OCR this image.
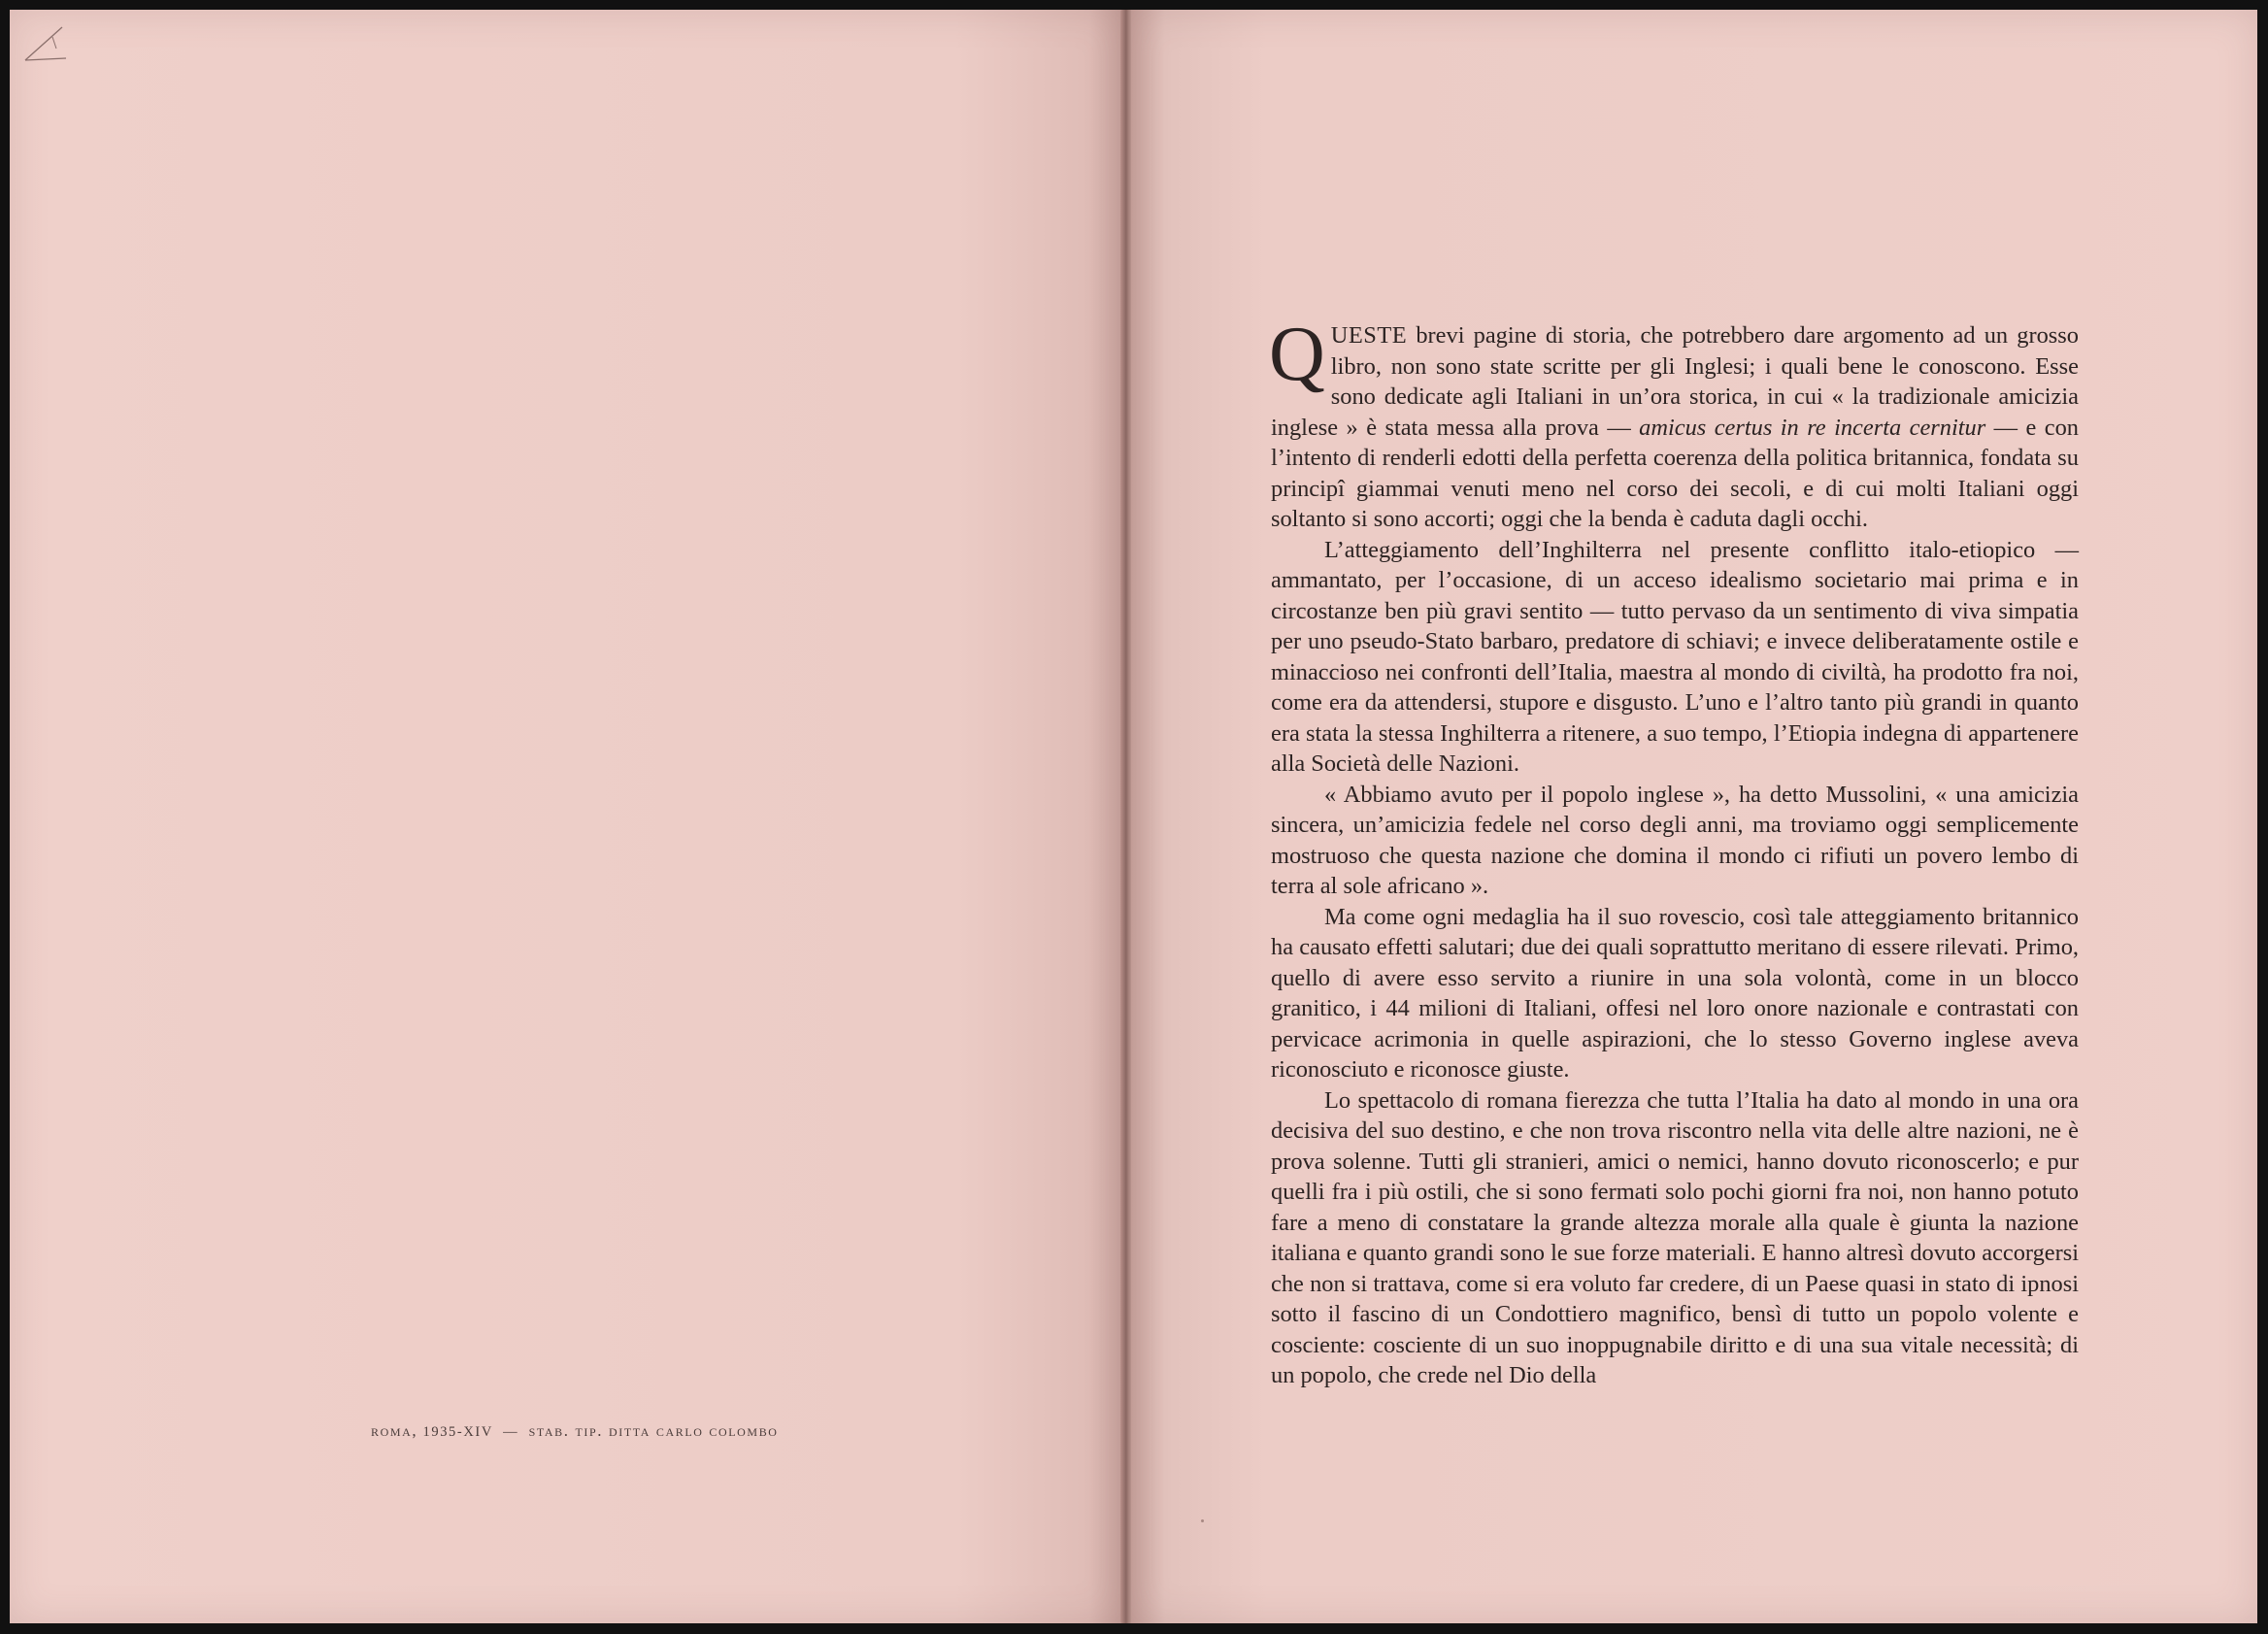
roma, 1935-XIV — stab. tip. ditta carlo colombo

QUESTE brevi pagine di storia, che potrebbero dare argomento ad un grosso libro, non sono state scritte per gli Inglesi; i quali bene le conoscono. Esse sono dedicate agli Italiani in un’ora storica, in cui « la tradizionale amicizia inglese » è stata messa alla prova — amicus certus in re incerta cernitur — e con l’intento di renderli edotti della perfetta coerenza della politica britannica, fondata su principî giammai venuti meno nel corso dei secoli, e di cui molti Italiani oggi soltanto si sono accorti; oggi che la benda è caduta dagli occhi.

L’atteggiamento dell’Inghilterra nel presente conflitto italo-etiopico — ammantato, per l’occasione, di un acceso idealismo societario mai prima e in circostanze ben più gravi sentito — tutto pervaso da un sentimento di viva simpatia per uno pseudo-Stato barbaro, predatore di schiavi; e invece deliberatamente ostile e minaccioso nei confronti dell’Italia, maestra al mondo di civiltà, ha prodotto fra noi, come era da attendersi, stupore e disgusto. L’uno e l’altro tanto più grandi in quanto era stata la stessa Inghilterra a ritenere, a suo tempo, l’Etiopia indegna di appartenere alla Società delle Nazioni.

« Abbiamo avuto per il popolo inglese », ha detto Mussolini, « una amicizia sincera, un’amicizia fedele nel corso degli anni, ma troviamo oggi semplicemente mostruoso che questa nazione che domina il mondo ci rifiuti un povero lembo di terra al sole africano ».

Ma come ogni medaglia ha il suo rovescio, così tale atteggiamento britannico ha causato effetti salutari; due dei quali soprattutto meritano di essere rilevati. Primo, quello di avere esso servito a riunire in una sola volontà, come in un blocco granitico, i 44 milioni di Italiani, offesi nel loro onore nazionale e contrastati con pervicace acrimonia in quelle aspirazioni, che lo stesso Governo inglese aveva riconosciuto e riconosce giuste.

Lo spettacolo di romana fierezza che tutta l’Italia ha dato al mondo in una ora decisiva del suo destino, e che non trova riscontro nella vita delle altre nazioni, ne è prova solenne. Tutti gli stranieri, amici o nemici, hanno dovuto riconoscerlo; e pur quelli fra i più ostili, che si sono fermati solo pochi giorni fra noi, non hanno potuto fare a meno di constatare la grande altezza morale alla quale è giunta la nazione italiana e quanto grandi sono le sue forze materiali. E hanno altresì dovuto accorgersi che non si trattava, come si era voluto far credere, di un Paese quasi in stato di ipnosi sotto il fascino di un Condottiero magnifico, bensì di tutto un popolo volente e cosciente: cosciente di un suo inoppugnabile diritto e di una sua vitale necessità; di un popolo, che crede nel Dio della
